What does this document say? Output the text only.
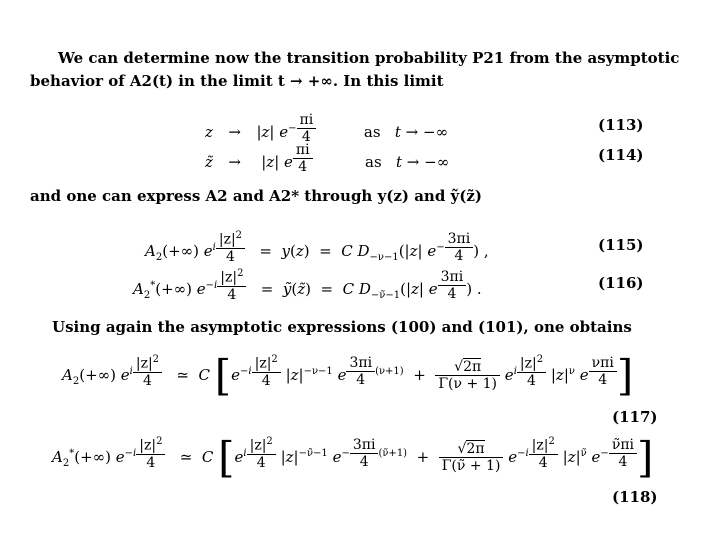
We can determine now the transition probability P21 from the asymptotic
behavior of A2(t) in the limit t → +∞. In this limit
z → |z| $e^{- \frac{\pi i}{4}}$ as   t → −∞	(113)
z̃ →  |z| e $^{\frac{\pi i}{4}}$ as   t → −∞	(114)
and one can express A2 and A2* through y(z) and ỹ(z̃)
$A_2(+\infty) e^{i \frac{|z|^2}{4}} = y(z) = C$ $D_{-\nu-1}(|z|$ $e^{- \frac{3\pi i}{4}}$ ) ,	(115)
$A_2^*(+\infty) e^{-i \frac{|z|^2}{4}}$ =  ỹ(z̃)  =  C $D_{-\nũ-1}(|z|$ e $^{\frac{3\pi i}{4}}$ ) .	(116)
Using again the asymptotic expressions (100) and (101), one obtains
$A_2(+\infty)$ $e^{i \frac{|z|^2}{4}}$ ≃  C [$e^{-i \frac{|z|^2}{4}}$ $|z|^{-\nu-1}$ e $^{\frac{3\pi i}{4} (\nu+1)} + \frac{√2\pi}{\Gamma(\nu + 1)} e^{i \frac{|z|^2}{4}}$ $|z|^\nu$ e $^{\frac{\text{νπi}}{4}}$ ]
(117)
$A_2^*(+\infty)$ $e^{-i \frac{|z|^2}{4}}$ ≃  C [$e^{i \frac{|z|^2}{4}}$ $|z|^{-\nũ-1}$ $e^{- \frac{3\pi i}{4} (\nũ+1)} + \frac{√2\pi}{\Gamma(\nũ + 1)} e^{-i \frac{|z|^2}{4}}$ $|z|^{\nũ}$ $e^{- \frac{\nũ\pi i}{4}}$ ]
(118)
